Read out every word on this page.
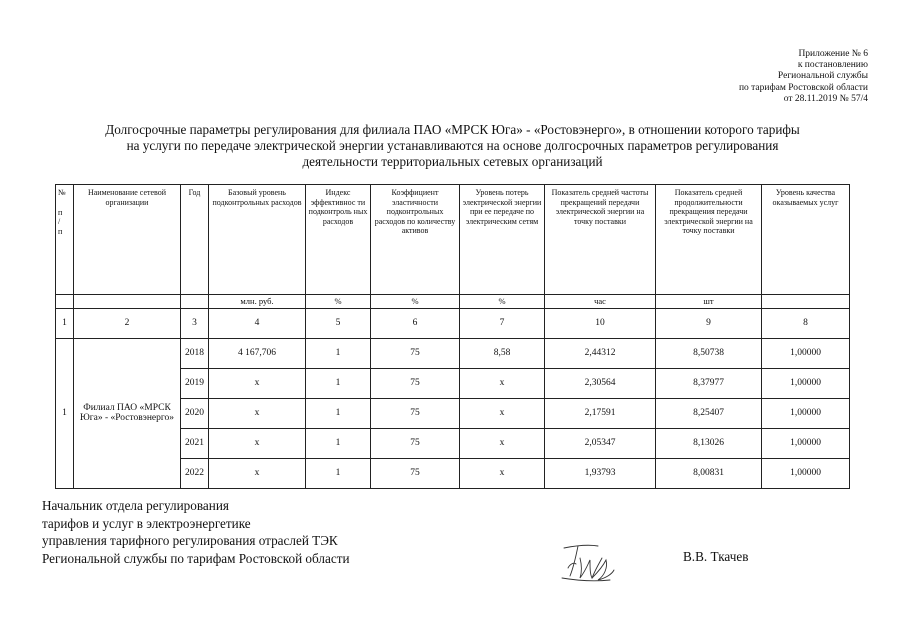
Приложение № 6
к постановлению
Региональной службы
по тарифам Ростовской области
от 28.11.2019 № 57/4
Долгосрочные параметры регулирования для филиала ПАО «МРСК Юга» - «Ростовэнерго», в отношении которого тарифы
на услуги по передаче электрической энергии устанавливаются на основе долгосрочных параметров регулирования
деятельности территориальных сетевых организаций
№
п
/
п	Наименование сетевой организации	Год	Базовый уровень подконтрольных расходов	Индекс эффективнос ти подконтроль ных расходов	Коэффициент эластичности подконтрольных расходов по количеству активов	Уровень потерь электрической энергии при ее передаче по электрическим сетям	Показатель средней частоты прекращений передачи электрической энергии на точку поставки	Показатель средней продолжительности прекращения передачи электрической энергии на точку поставки	Уровень качества оказываемых услуг
			млн. руб.	%	%	%	час	шт	
1	2	3	4	5	6	7	10	9	8
1	Филиал ПАО «МРСК Юга» - «Ростовэнерго»	2018	4 167,706	1	75	8,58	2,44312	8,50738	1,00000
		2019	x	1	75	x	2,30564	8,37977	1,00000
		2020	x	1	75	x	2,17591	8,25407	1,00000
		2021	x	1	75	x	2,05347	8,13026	1,00000
		2022	x	1	75	x	1,93793	8,00831	1,00000
Начальник отдела регулирования
тарифов и услуг в электроэнергетике
управления тарифного регулирования отраслей ТЭК
Региональной службы по тарифам Ростовской области	В.В. Ткачев
